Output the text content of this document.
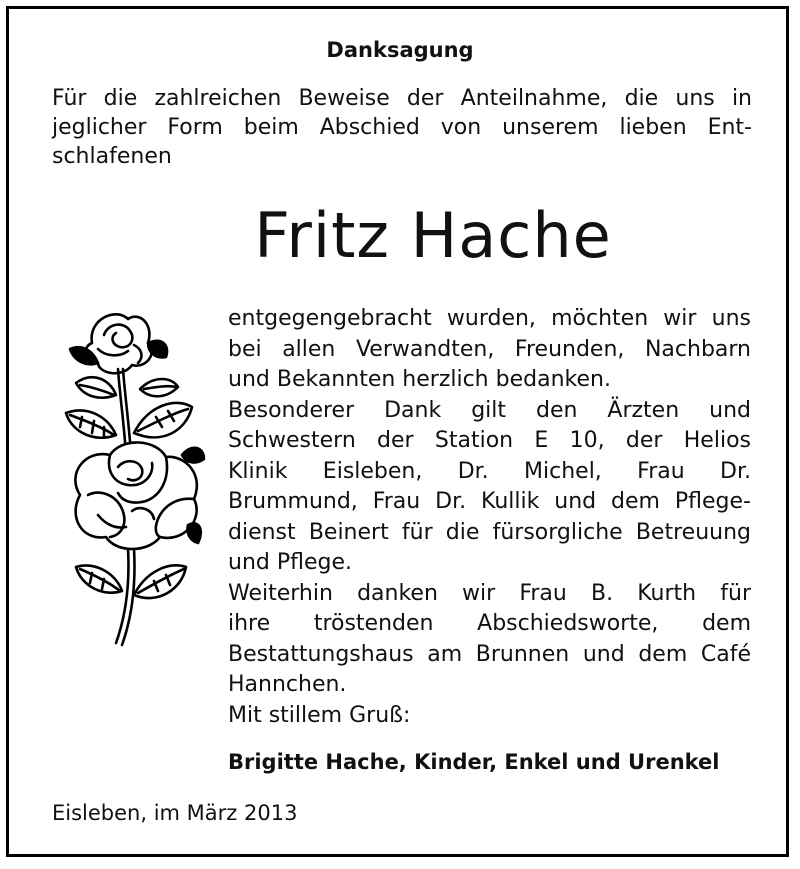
Danksagung
Für die zahlreichen Beweise der Anteilnahme, die uns in
jeglicher Form beim Abschied von unserem lieben Ent-
schlafenen
Fritz Hache
entgegengebracht wurden, möchten wir uns
bei allen Verwandten, Freunden, Nachbarn
und Bekannten herzlich bedanken.
Besonderer Dank gilt den Ärzten und
Schwestern der Station E 10, der Helios
Klinik Eisleben, Dr. Michel, Frau Dr.
Brummund, Frau Dr. Kullik und dem Pflege-
dienst Beinert für die fürsorgliche Betreuung
und Pflege.
Weiterhin danken wir Frau B. Kurth für
ihre tröstenden Abschiedsworte, dem
Bestattungshaus am Brunnen und dem Café
Hannchen.
Mit stillem Gruß:
Brigitte Hache, Kinder, Enkel und Urenkel
Eisleben, im März 2013
